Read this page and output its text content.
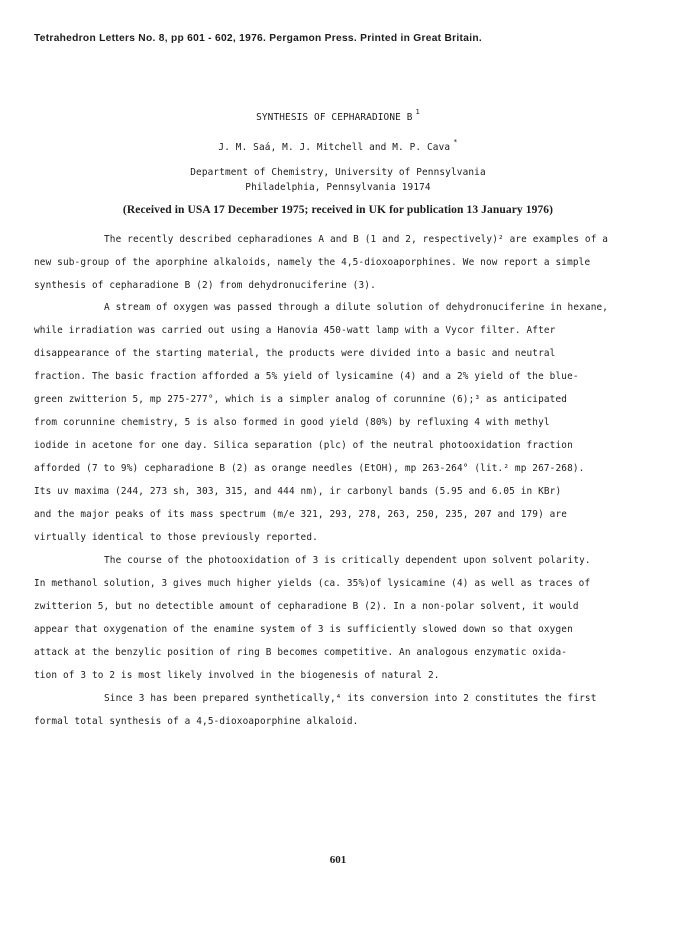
Tetrahedron Letters No. 8, pp 601 - 602, 1976. Pergamon Press. Printed in Great Britain.
SYNTHESIS OF CEPHARADIONE B $^1$
J. M. Saá, M. J. Mitchell and M. P. Cava *
Department of Chemistry, University of Pennsylvania
Philadelphia, Pennsylvania 19174
(Received in USA 17 December 1975; received in UK for publication 13 January 1976)
The recently described cepharadiones A and B (1 and 2, respectively)² are examples of a
new sub-group of the aporphine alkaloids, namely the 4,5-dioxoaporphines. We now report a simple
synthesis of cepharadione B (2) from dehydronuciferine (3).
A stream of oxygen was passed through a dilute solution of dehydronuciferine in hexane,
while irradiation was carried out using a Hanovia 450-watt lamp with a Vycor filter. After
disappearance of the starting material, the products were divided into a basic and neutral
fraction. The basic fraction afforded a 5% yield of lysicamine (4) and a 2% yield of the blue-
green zwitterion 5, mp 275-277°, which is a simpler analog of corunnine (6);³ as anticipated
from corunnine chemistry, 5 is also formed in good yield (80%) by refluxing 4 with methyl
iodide in acetone for one day. Silica separation (plc) of the neutral photooxidation fraction
afforded (7 to 9%) cepharadione B (2) as orange needles (EtOH), mp 263-264° (lit.² mp 267-268).
Its uv maxima (244, 273 sh, 303, 315, and 444 nm), ir carbonyl bands (5.95 and 6.05 in KBr)
and the major peaks of its mass spectrum (m/e 321, 293, 278, 263, 250, 235, 207 and 179) are
virtually identical to those previously reported.
The course of the photooxidation of 3 is critically dependent upon solvent polarity.
In methanol solution, 3 gives much higher yields (ca. 35%)of lysicamine (4) as well as traces of
zwitterion 5, but no detectible amount of cepharadione B (2). In a non-polar solvent, it would
appear that oxygenation of the enamine system of 3 is sufficiently slowed down so that oxygen
attack at the benzylic position of ring B becomes competitive. An analogous enzymatic oxida-
tion of 3 to 2 is most likely involved in the biogenesis of natural 2.
Since 3 has been prepared synthetically,⁴ its conversion into 2 constitutes the first
formal total synthesis of a 4,5-dioxoaporphine alkaloid.
601
